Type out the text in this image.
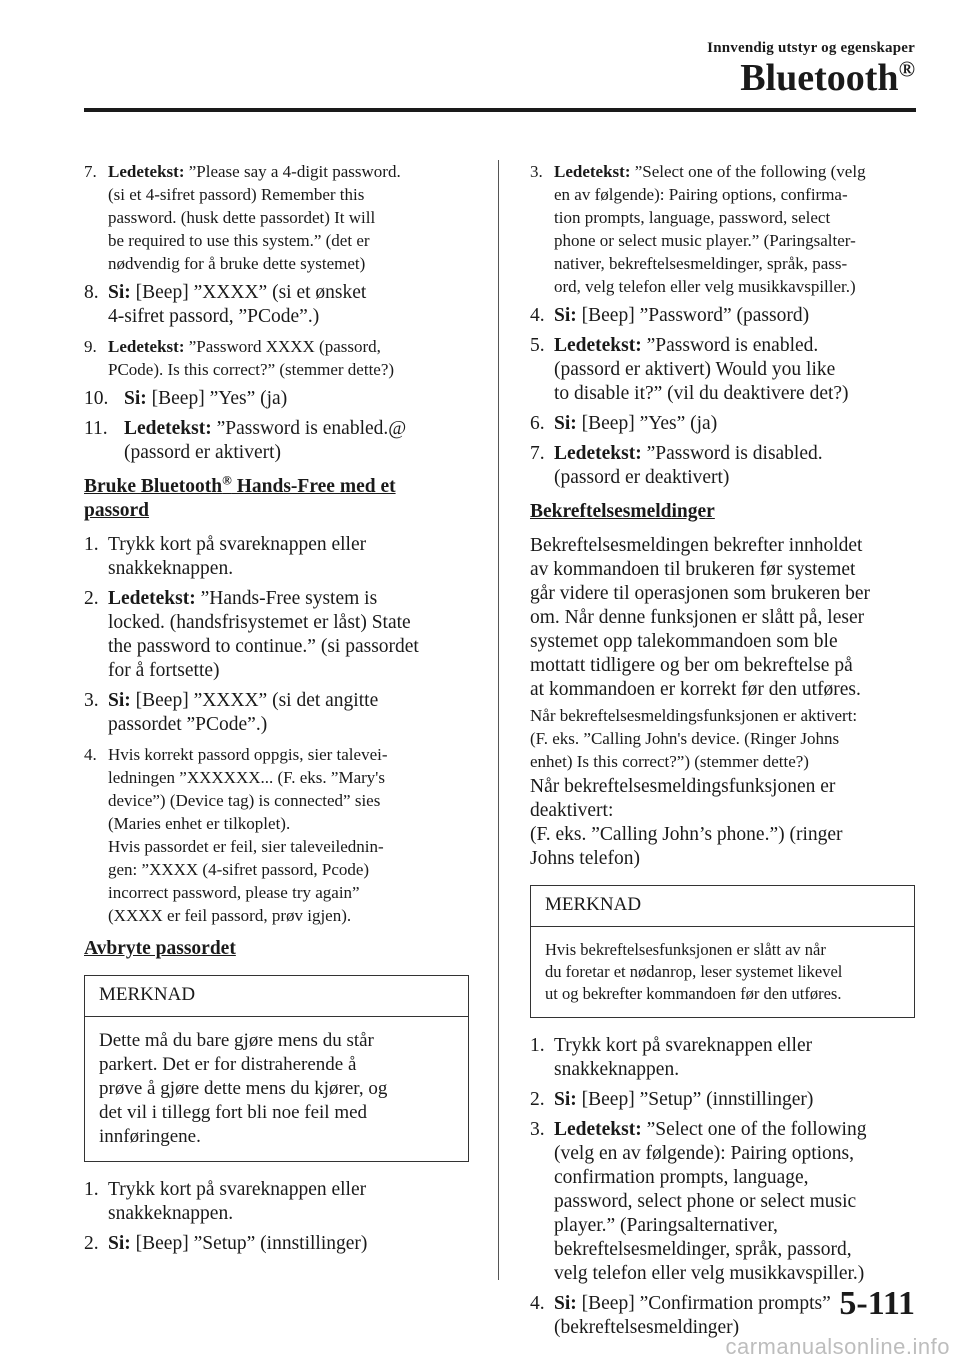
Innvendig utstyr og egenskaper
Bluetooth®
7. Ledetekst: ”Please say a 4-digit password.
(si et 4-sifret passord) Remember this
password. (husk dette passordet) It will
be required to use this system.” (det er
nødvendig for å bruke dette systemet)
8. Si: [Beep] ”XXXX” (si et ønsket
4-sifret passord, ”PCode”.)
9. Ledetekst: ”Password XXXX (passord,
PCode). Is this correct?” (stemmer dette?)
10. Si: [Beep] ”Yes” (ja)
11. Ledetekst: ”Password is enabled.@
(passord er aktivert)
Bruke Bluetooth® Hands-Free med et
passord
1. Trykk kort på svareknappen eller
snakkeknappen.
2. Ledetekst: ”Hands-Free system is
locked. (handsfrisystemet er låst) State
the password to continue.” (si passordet
for å fortsette)
3. Si: [Beep] ”XXXX” (si det angitte
passordet ”PCode”.)
4. Hvis korrekt passord oppgis, sier talevei-
ledningen ”XXXXXX... (F. eks. ”Mary's
device”) (Device tag) is connected” sies
(Maries enhet er tilkoplet).
Hvis passordet er feil, sier taleveilednin-
gen: ”XXXX (4-sifret passord, Pcode)
incorrect password, please try again”
(XXXX er feil passord, prøv igjen).
Avbryte passordet
MERKNAD
Dette må du bare gjøre mens du står
parkert. Det er for distraherende å
prøve å gjøre dette mens du kjører, og
det vil i tillegg fort bli noe feil med
innføringene.
1. Trykk kort på svareknappen eller
snakkeknappen.
2. Si: [Beep] ”Setup” (innstillinger)
3. Ledetekst: ”Select one of the following (velg
en av følgende): Pairing options, confirma-
tion prompts, language, password, select
phone or select music player.” (Paringsalter-
nativer, bekreftelsesmeldinger, språk, pass-
ord, velg telefon eller velg musikkavspiller.)
4. Si: [Beep] ”Password” (passord)
5. Ledetekst: ”Password is enabled.
(passord er aktivert) Would you like
to disable it?” (vil du deaktivere det?)
6. Si: [Beep] ”Yes” (ja)
7. Ledetekst: ”Password is disabled.
(passord er deaktivert)
Bekreftelsesmeldinger
Bekreftelsesmeldingen bekrefter innholdet
av kommandoen til brukeren før systemet
går videre til operasjonen som brukeren ber
om. Når denne funksjonen er slått på, leser
systemet opp talekommandoen som ble
mottatt tidligere og ber om bekreftelse på
at kommandoen er korrekt før den utføres.
Når bekreftelsesmeldingsfunksjonen er aktivert:
(F. eks. ”Calling John's device. (Ringer Johns
enhet) Is this correct?”) (stemmer dette?)
Når bekreftelsesmeldingsfunksjonen er
deaktivert:
(F. eks. ”Calling John’s phone.”) (ringer
Johns telefon)
MERKNAD
Hvis bekreftelsesfunksjonen er slått av når
du foretar et nødanrop, leser systemet likevel
ut og bekrefter kommandoen før den utføres.
1. Trykk kort på svareknappen eller
snakkeknappen.
2. Si: [Beep] ”Setup” (innstillinger)
3. Ledetekst: ”Select one of the following
(velg en av følgende): Pairing options,
confirmation prompts, language,
password, select phone or select music
player.” (Paringsalternativer,
bekreftelsesmeldinger, språk, passord,
velg telefon eller velg musikkavspiller.)
4. Si: [Beep] ”Confirmation prompts”
(bekreftelsesmeldinger)
5-111
carmanualsonline.info
